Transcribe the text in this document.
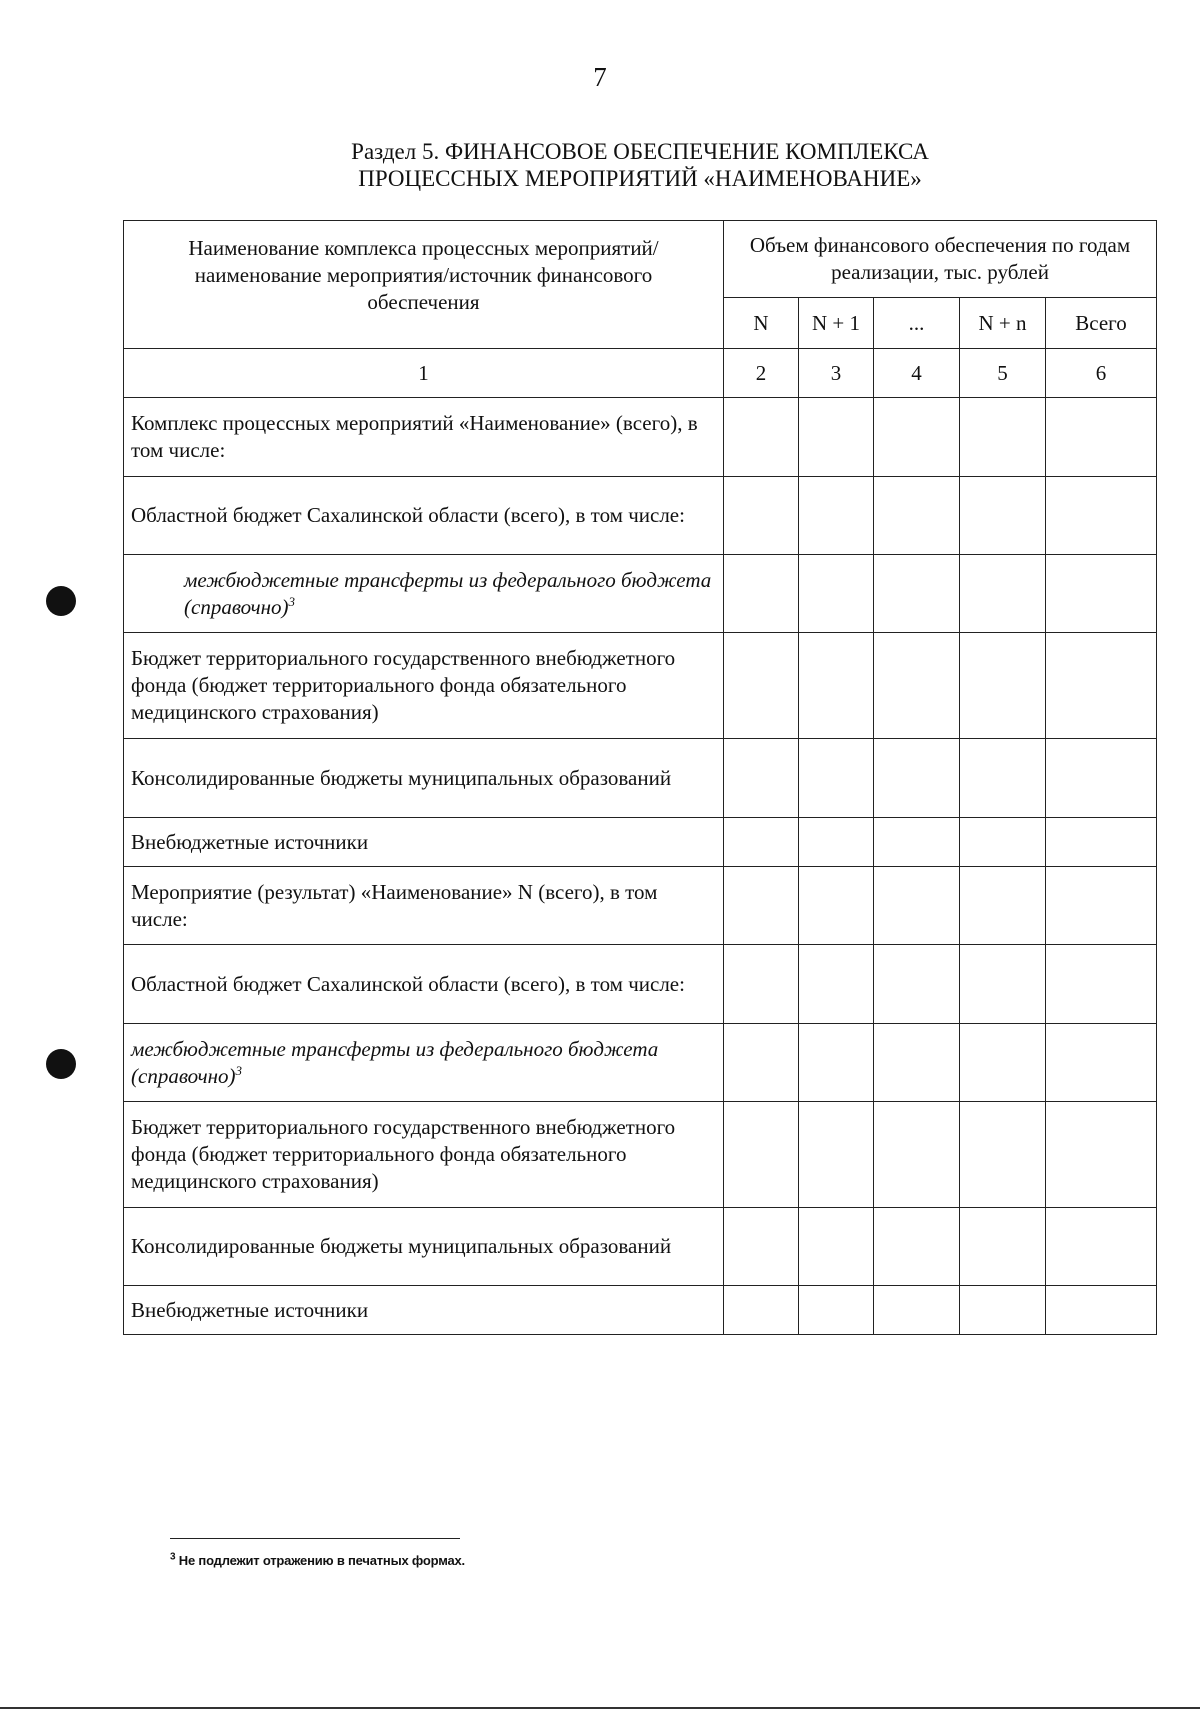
7
Раздел 5. ФИНАНСОВОЕ ОБЕСПЕЧЕНИЕ КОМПЛЕКСА
ПРОЦЕССНЫХ МЕРОПРИЯТИЙ «НАИМЕНОВАНИЕ»
Наименование комплекса процессных мероприятий/наименование мероприятия/источник финансового обеспечения	Объем финансового обеспечения по годам реализации, тыс. рублей				
	N	N + 1	...	N + n	Всего
1	2	3	4	5	6
Комплекс процессных мероприятий «Наименование» (всего), в том числе:					
Областной бюджет Сахалинской области (всего), в том числе:					
межбюджетные трансферты из федерального бюджета (справочно)$^3$					
Бюджет территориального государственного внебюджетного фонда (бюджет территориального фонда обязательного медицинского страхования)					
Консолидированные бюджеты муниципальных образований					
Внебюджетные источники					
Мероприятие (результат) «Наименование» N (всего), в том числе:					
Областной бюджет Сахалинской области (всего), в том числе:					
межбюджетные трансферты из федерального бюджета (справочно)$^3$					
Бюджет территориального государственного внебюджетного фонда (бюджет территориального фонда обязательного медицинского страхования)					
Консолидированные бюджеты муниципальных образований					
Внебюджетные источники					
$^3$ Не подлежит отражению в печатных формах.
